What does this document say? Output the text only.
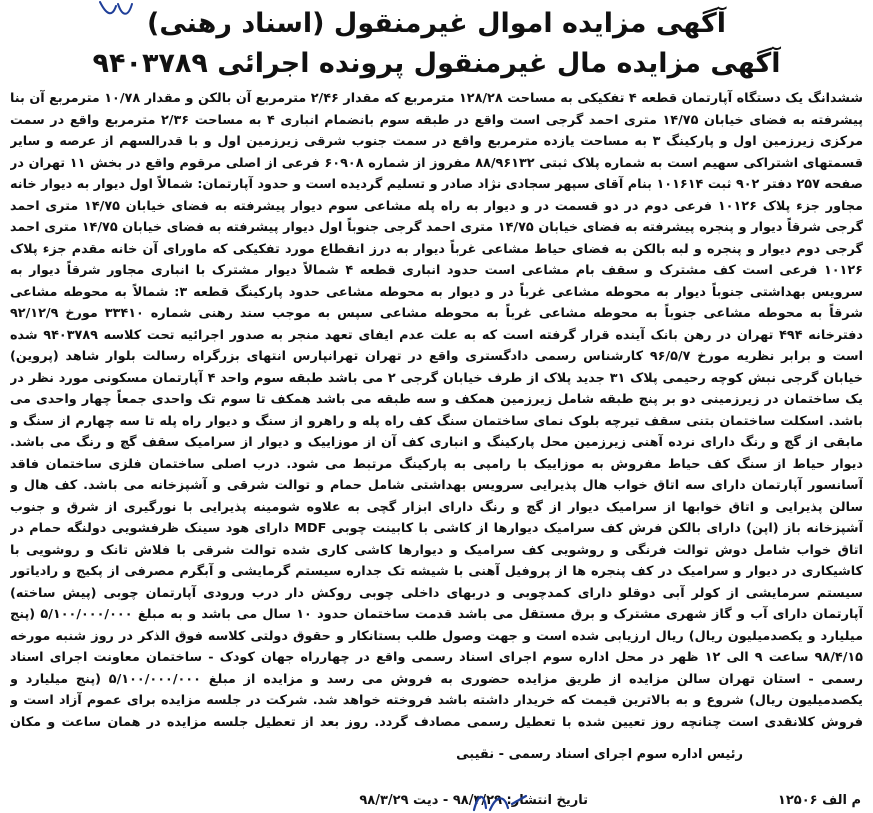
آگهی مزایده اموال غیرمنقول (اسناد رهنی)
آگهی مزایده مال غیرمنقول پرونده اجرائی ۹۴۰۳۷۸۹

ششدانگ یک دستگاه آپارتمان قطعه ۴ تفکیکی به مساحت ۱۲۸/۲۸ مترمربع که مقدار ۲/۴۶ مترمربع آن بالکن و مقدار ۱۰/۷۸ مترمربع آن بنا پیشرفته به فضای خیابان ۱۴/۷۵ متری احمد گرجی است واقع در طبقه سوم بانضمام انباری ۴ به مساحت ۲/۳۶ مترمربع واقع در سمت مرکزی زیرزمین اول و پارکینگ ۳ به مساحت یازده مترمربع واقع در سمت جنوب شرقی زیرزمین اول و با قدرالسهم از عرصه و سایر قسمتهای اشتراکی سهیم است به شماره پلاک ثبتی ۸۸/۹۶۱۳۲ مفروز از شماره ۶۰۹۰۸ فرعی از اصلی مرقوم واقع در بخش ۱۱ تهران در صفحه ۲۵۷ دفتر ۹۰۲ ثبت ۱۰۱۶۱۴ بنام آقای سپهر سجادی نژاد صادر و تسلیم گردیده است و حدود آپارتمان: شمالاً اول دیوار به دیوار خانه مجاور جزء پلاک ۱۰۱۲۶ فرعی دوم در دو قسمت در و دیوار به راه پله مشاعی سوم دیوار پیشرفته به فضای خیابان ۱۴/۷۵ متری احمد گرجی شرقاً دیوار و پنجره پیشرفته به فضای خیابان ۱۴/۷۵ متری احمد گرجی جنوباً اول دیوار پیشرفته به فضای خیابان ۱۴/۷۵ متری احمد گرجی دوم دیوار و پنجره و لبه بالکن به فضای حیاط مشاعی غرباً دیوار به درز انقطاع مورد تفکیکی که ماورای آن خانه مقدم جزء پلاک ۱۰۱۲۶ فرعی است کف مشترک و سقف بام مشاعی است حدود انباری قطعه ۴ شمالاً دیوار مشترک با انباری مجاور شرقاً دیوار به سرویس بهداشتی جنوباً دیوار به محوطه مشاعی غرباً در و دیوار به محوطه مشاعی حدود پارکینگ قطعه ۳: شمالاً به محوطه مشاعی شرقاً به محوطه مشاعی جنوباً به محوطه مشاعی غرباً به محوطه مشاعی سپس به موجب سند رهنی شماره ۳۳۴۱۰ مورخ ۹۲/۱۲/۹ دفترخانه ۴۹۴ تهران در رهن بانک آینده قرار گرفته است که به علت عدم ایفای تعهد منجر به صدور اجرائیه تحت کلاسه ۹۴۰۳۷۸۹ شده است و برابر نظریه مورخ ۹۶/۵/۷ کارشناس رسمی دادگستری واقع در تهران تهرانپارس انتهای بزرگراه رسالت بلوار شاهد (پروین) خیابان گرجی نبش کوچه رحیمی پلاک ۳۱ جدید پلاک از طرف خیابان گرجی ۲ می باشد طبقه سوم واحد ۴ آپارتمان مسکونی مورد نظر در یک ساختمان در زیرزمینی دو بر پنج طبقه شامل زیرزمین همکف و سه طبقه می باشد همکف تا سوم تک واحدی جمعاً چهار واحدی می باشد. اسکلت ساختمان بتنی سقف تیرچه بلوک نمای ساختمان سنگ کف راه پله و راهرو از سنگ و دیوار راه پله تا سه چهارم از سنگ و مابقی از گچ و رنگ دارای نرده آهنی زیرزمین محل پارکینگ و انباری کف آن از موزاییک و دیوار از سرامیک سقف گچ و رنگ می باشد. دیوار حیاط از سنگ کف حیاط مفروش به موزاییک با رامپی به پارکینگ مرتبط می شود. درب اصلی ساختمان فلزی ساختمان فاقد آسانسور آپارتمان دارای سه اتاق خواب هال پذیرایی سرویس بهداشتی شامل حمام و توالت شرقی و آشپزخانه می باشد. کف هال و سالن پذیرایی و اتاق خوابها از سرامیک دیوار از گچ و رنگ دارای ابزار گچی به علاوه شومینه پذیرایی با نورگیری از شرق و جنوب آشپزخانه باز (اپن) دارای بالکن فرش کف سرامیک دیوارها از کاشی با کابینت چوبی MDF دارای هود سینک ظرفشویی دولنگه حمام در اتاق خواب شامل دوش توالت فرنگی و روشویی کف سرامیک و دیوارها کاشی کاری شده توالت شرقی با فلاش تانک و روشویی با کاشیکاری در دیوار و سرامیک در کف پنجره ها از پروفیل آهنی با شیشه تک جداره سیستم گرمایشی و آبگرم مصرفی از پکیج و رادیاتور سیستم سرمایشی از کولر آبی دوقلو دارای کمدچوبی و دربهای داخلی چوبی روکش دار درب ورودی آپارتمان چوبی (پیش ساخته) آپارتمان دارای آب و گاز شهری مشترک و برق مستقل می باشد قدمت ساختمان حدود ۱۰ سال می باشد و به مبلغ ۵/۱۰۰/۰۰۰/۰۰۰ (پنج میلیارد و یکصدمیلیون ریال) ریال ارزیابی شده است و جهت وصول طلب بستانکار و حقوق دولتی کلاسه فوق الذکر در روز شنبه مورخه ۹۸/۴/۱۵ ساعت ۹ الی ۱۲ ظهر در محل اداره سوم اجرای اسناد رسمی واقع در چهارراه جهان کودک - ساختمان معاونت اجرای اسناد رسمی - استان تهران سالن مزایده از طریق مزایده حضوری به فروش می رسد و مزایده از مبلغ ۵/۱۰۰/۰۰۰/۰۰۰ (پنج میلیارد و یکصدمیلیون ریال) شروع و به بالاترین قیمت که خریدار داشته باشد فروخته خواهد شد. شرکت در جلسه مزایده برای عموم آزاد است و فروش کلانقدی است چنانچه روز تعیین شده با تعطیل رسمی مصادف گردد. روز بعد از تعطیل جلسه مزایده در همان ساعت و مکان

رئیس اداره سوم اجرای اسناد رسمی - نقیبی
م الف ۱۲۵۰۶
تاریخ انتشار: ۹۸/۳/۲۹ - دیت ۹۸/۳/۲۹
